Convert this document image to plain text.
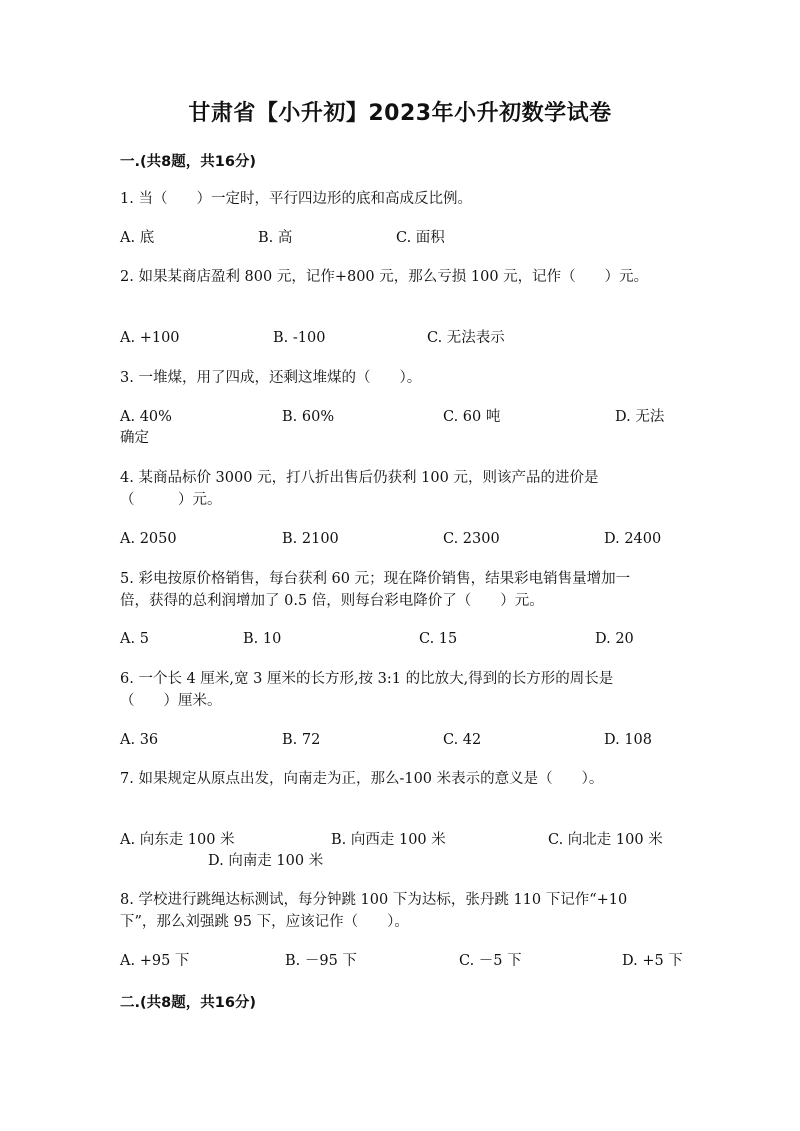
甘肃省【小升初】2023年小升初数学试卷
一.(共8题，共16分)
1. 当（　　）一定时，平行四边形的底和高成反比例。
A. 底	B. 高	C. 面积
2. 如果某商店盈利 800 元，记作+800 元，那么亏损 100 元，记作（　　）元。
A. +100	B. -100	C. 无法表示
3. 一堆煤，用了四成，还剩这堆煤的（　　）。
A. 40%	B. 60%	C. 60 吨	D. 无法
确定
4. 某商品标价 3000 元，打八折出售后仍获利 100 元，则该产品的进价是
（　　　）元。
A. 2050	B. 2100	C. 2300	D. 2400
5. 彩电按原价格销售，每台获利 60 元；现在降价销售，结果彩电销售量增加一
倍，获得的总利润增加了 0.5 倍，则每台彩电降价了（　　）元。
A. 5	B. 10	C. 15	D. 20
6. 一个长 4 厘米,宽 3 厘米的长方形,按 3:1 的比放大,得到的长方形的周长是
（　　）厘米。
A. 36	B. 72	C. 42	D. 108
7. 如果规定从原点出发，向南走为正，那么-100 米表示的意义是（　　）。
A. 向东走 100 米	B. 向西走 100 米	C. 向北走 100 米
D. 向南走 100 米
8. 学校进行跳绳达标测试，每分钟跳 100 下为达标，张丹跳 110 下记作“+10
下”，那么刘强跳 95 下，应该记作（　　）。
A. +95 下	B. －95 下	C. －5 下	D. +5 下
二.(共8题，共16分)
